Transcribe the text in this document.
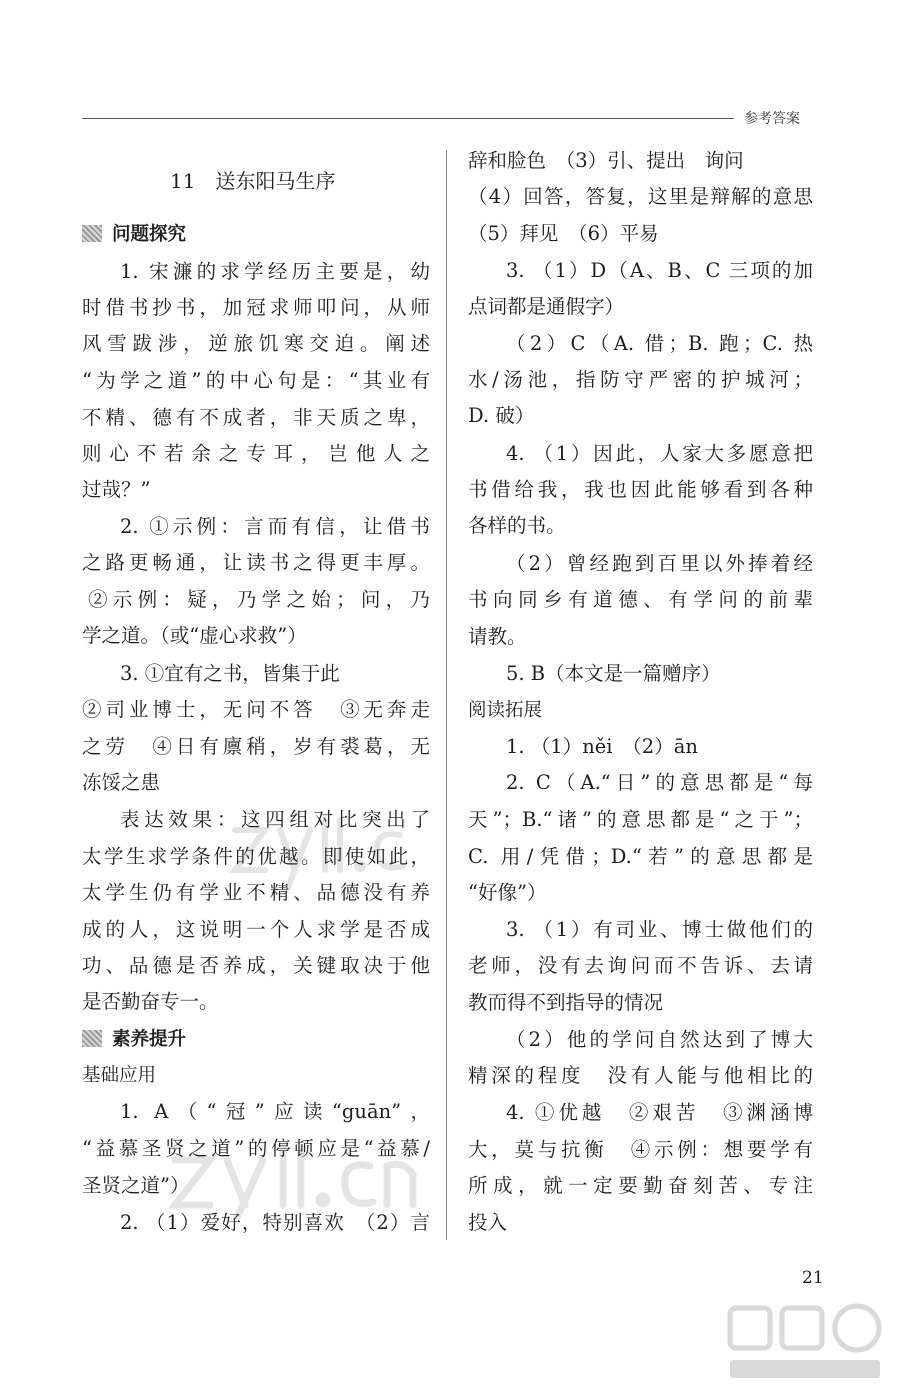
参考答案
11　送东阳马生序
问题探究
1. 宋濂的求学经历主要是，幼
时借书抄书，加冠求师叩问，从师
风雪跋涉，逆旅饥寒交迫。阐述
“为学之道”的中心句是：“其业有
不精、德有不成者，非天质之卑，
则心不若余之专耳，岂他人之
过哉？”
2. ①示例：言而有信，让借书
之路更畅通，让读书之得更丰厚。
②示例：疑，乃学之始；问，乃
学之道。（或“虚心求救”）
3. ①宜有之书，皆集于此
②司业博士，无问不答　③无奔走
之劳　④日有廪稍，岁有裘葛，无
冻馁之患
表达效果：这四组对比突出了
太学生求学条件的优越。即使如此，
太学生仍有学业不精、品德没有养
成的人，这说明一个人求学是否成
功、品德是否养成，关键取决于他
是否勤奋专一。
素养提升
基础应用
1. A（“冠”应读“guān”，
“益慕圣贤之道”的停顿应是“益慕/
圣贤之道”）
2. （1）爱好，特别喜欢　（2）言
辞和脸色　（3）引、提出　询问
（4）回答，答复，这里是辩解的意思
（5）拜见　（6）平易
3. （1）D（A、B、C 三项的加
点词都是通假字）
（2）C（A. 借；B. 跑；C. 热
水/汤池，指防守严密的护城河；
D. 破）
4. （1）因此，人家大多愿意把
书借给我，我也因此能够看到各种
各样的书。
（2）曾经跑到百里以外捧着经
书向同乡有道德、有学问的前辈
请教。
5. B（本文是一篇赠序）
阅读拓展
1. （1）něi　（2）ān
2. C（A.“日”的意思都是“每
天”；B.“诸”的意思都是“之于”；
C. 用/凭借；D.“若”的意思都是
“好像”）
3. （1）有司业、博士做他们的
老师，没有去询问而不告诉、去请
教而得不到指导的情况
（2）他的学问自然达到了博大
精深的程度　没有人能与他相比的
4. ①优越　②艰苦　③渊涵博
大，莫与抗衡　④示例：想要学有
所成，就一定要勤奋刻苦、专注
投入
21
